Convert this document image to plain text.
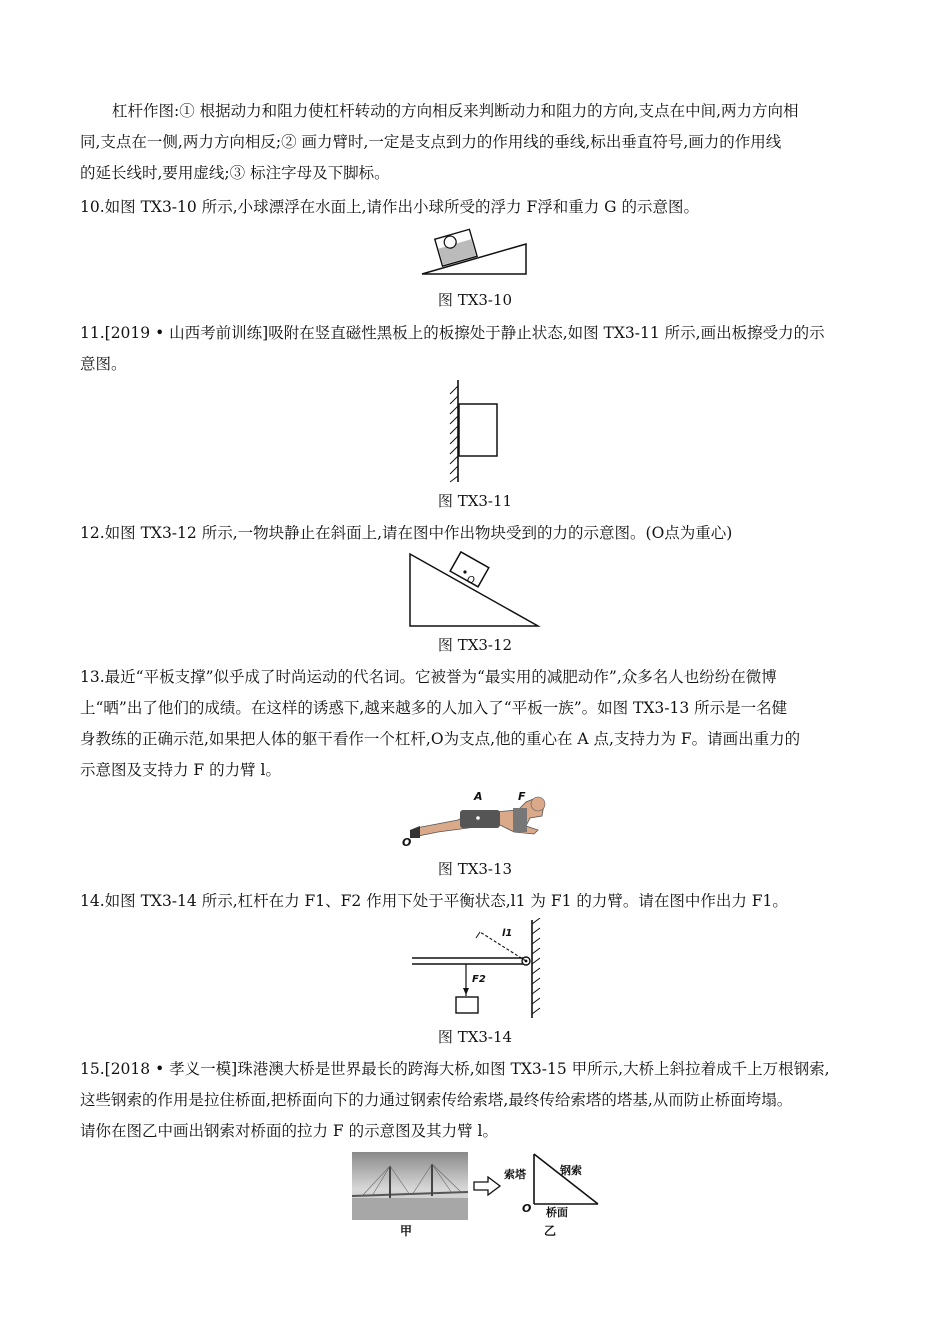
杠杆作图:① 根据动力和阻力使杠杆转动的方向相反来判断动力和阻力的方向,支点在中间,两力方向相
同,支点在一侧,两力方向相反;② 画力臂时,一定是支点到力的作用线的垂线,标出垂直符号,画力的作用线
的延长线时,要用虚线;③ 标注字母及下脚标。
10.如图 TX3-10 所示,小球漂浮在水面上,请作出小球所受的浮力 F浮和重力 G 的示意图。
图 TX3-10
11.[2019 • 山西考前训练]吸附在竖直磁性黑板上的板擦处于静止状态,如图 TX3-11 所示,画出板擦受力的示
意图。
图 TX3-11
12.如图 TX3-12 所示,一物块静止在斜面上,请在图中作出物块受到的力的示意图。(O点为重心)
O
图 TX3-12
13.最近“平板支撑”似乎成了时尚运动的代名词。它被誉为“最实用的减肥动作”,众多名人也纷纷在微博
上“晒”出了他们的成绩。在这样的诱惑下,越来越多的人加入了“平板一族”。如图 TX3-13 所示是一名健
身教练的正确示范,如果把人体的躯干看作一个杠杆,O为支点,他的重心在 A 点,支持力为 F。请画出重力的
示意图及支持力 F 的力臂 l。
A	F
O
图 TX3-13
14.如图 TX3-14 所示,杠杆在力 F1、F2 作用下处于平衡状态,l1 为 F1 的力臂。请在图中作出力 F1。
l1
F2
图 TX3-14
15.[2018 • 孝义一模]珠港澳大桥是世界最长的跨海大桥,如图 TX3-15 甲所示,大桥上斜拉着成千上万根钢索,
这些钢索的作用是拉住桥面,把桥面向下的力通过钢索传给索塔,最终传给索塔的塔基,从而防止桥面垮塌。
请你在图乙中画出钢索对桥面的拉力 F 的示意图及其力臂 l。
甲
索塔	钢索
桥面
O
乙
